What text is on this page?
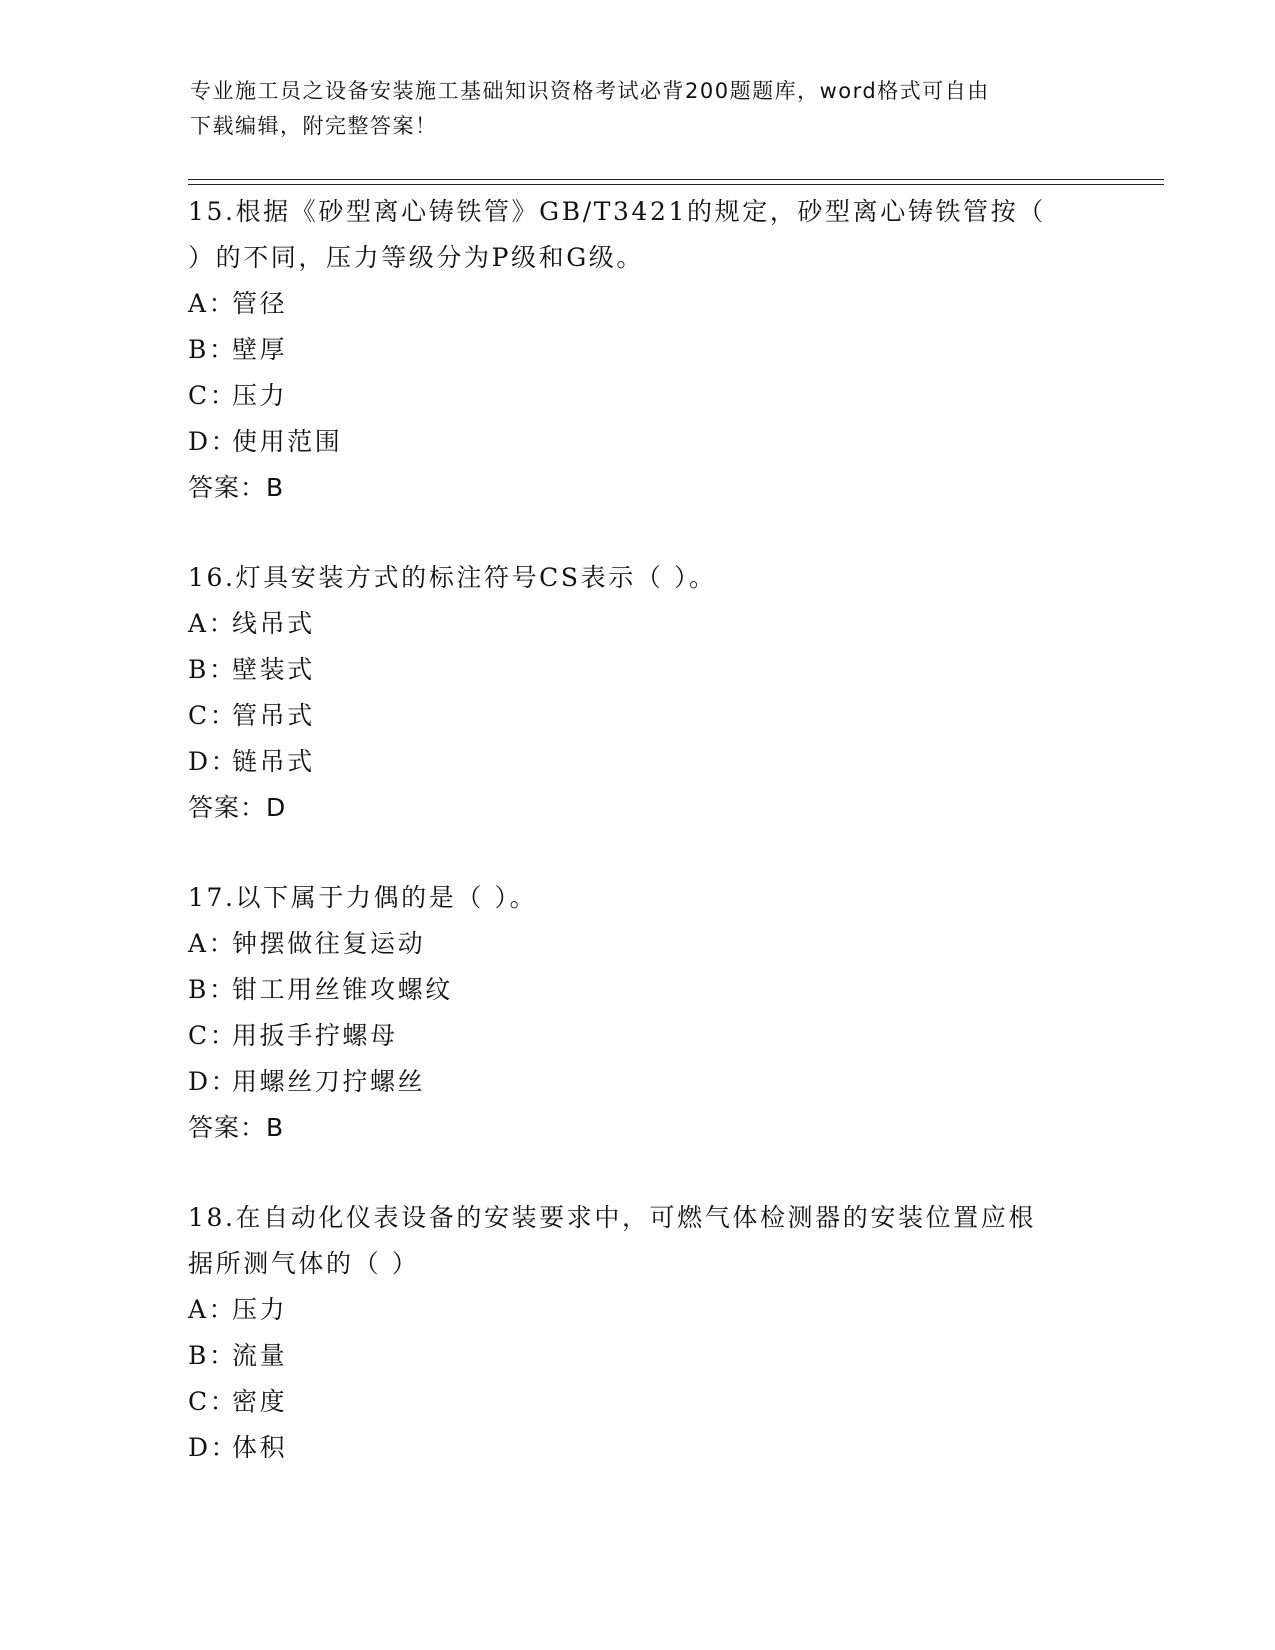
专业施工员之设备安装施工基础知识资格考试必背200题题库，word格式可自由
下载编辑，附完整答案！

15.根据《砂型离心铸铁管》GB/T3421的规定，砂型离心铸铁管按（

）的不同，压力等级分为P级和G级。

A：管径

B：壁厚

C：压力

D：使用范围

答案：B

16.灯具安装方式的标注符号CS表示（ ）。

A：线吊式

B：壁装式

C：管吊式

D：链吊式

答案：D

17.以下属于力偶的是（ ）。

A：钟摆做往复运动

B：钳工用丝锥攻螺纹

C：用扳手拧螺母

D：用螺丝刀拧螺丝

答案：B

18.在自动化仪表设备的安装要求中，可燃气体检测器的安装位置应根

据所测气体的（ ）

A：压力

B：流量

C：密度

D：体积
